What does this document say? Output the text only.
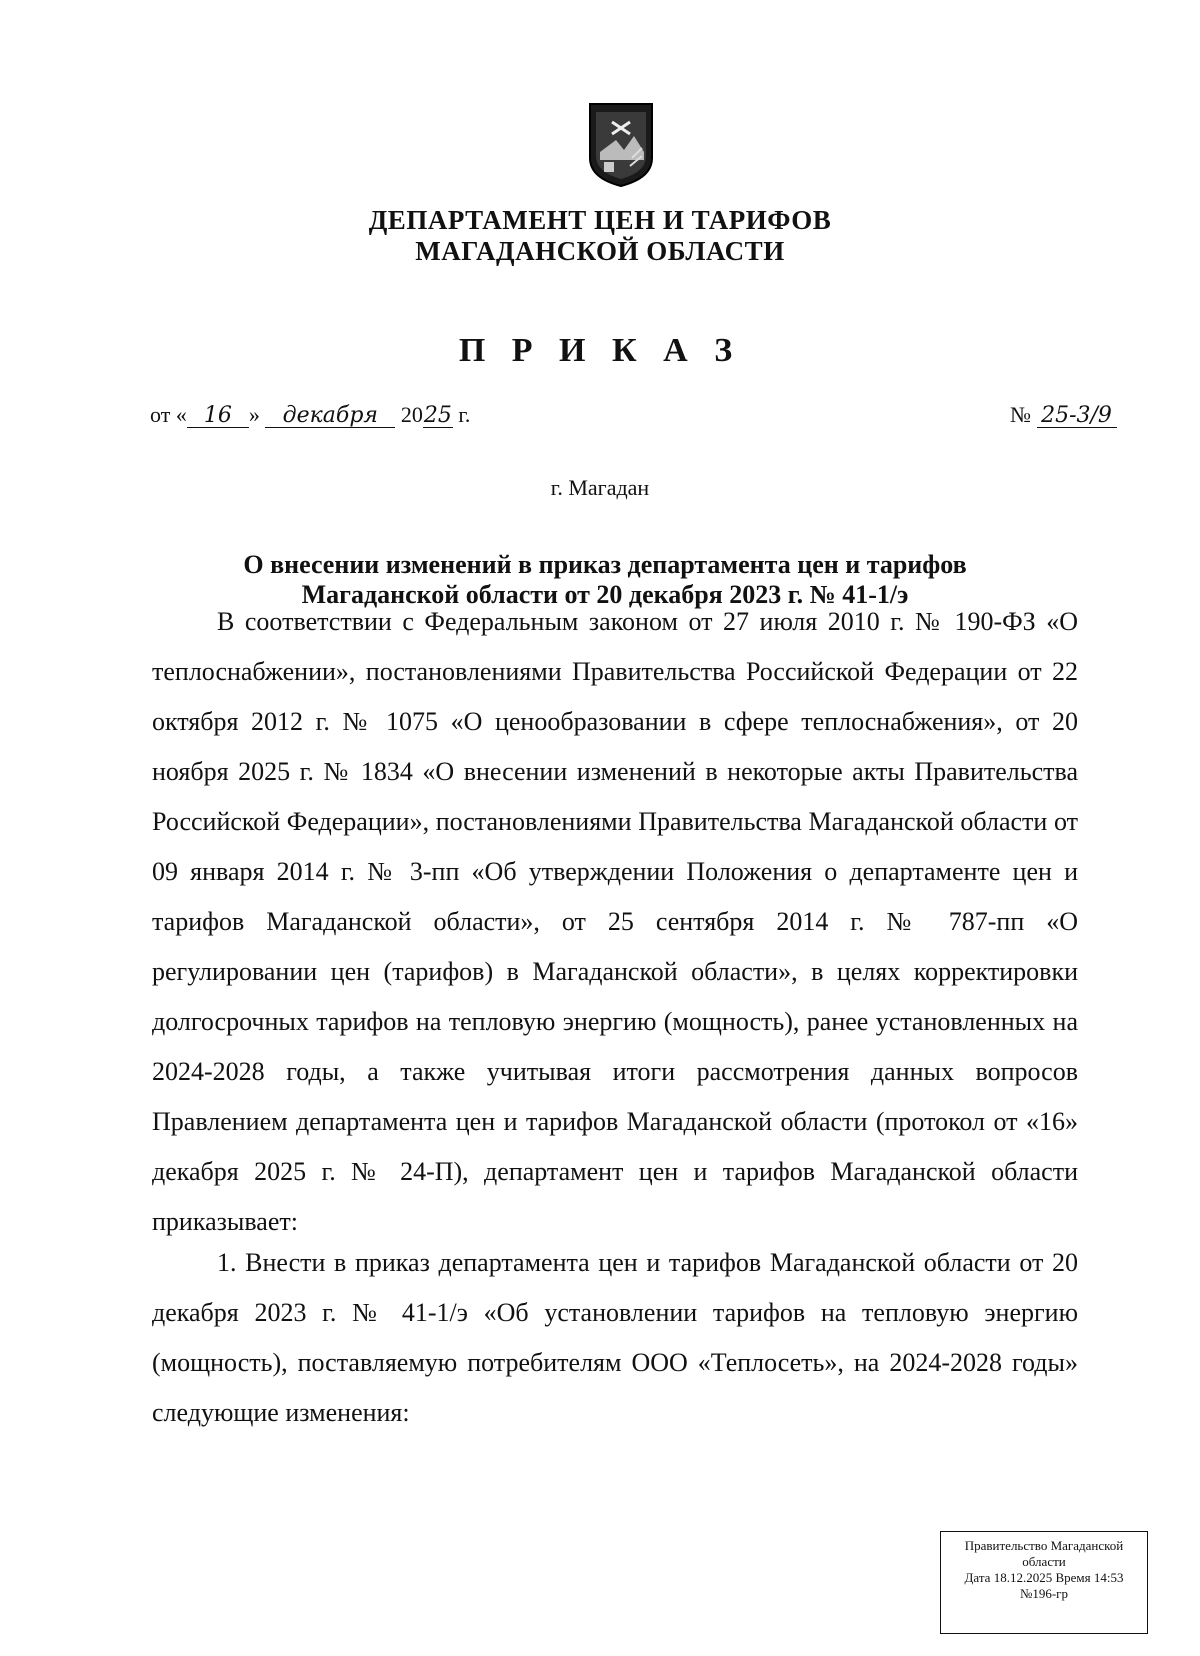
ДЕПАРТАМЕНТ ЦЕН И ТАРИФОВ
МАГАДАНСКОЙ ОБЛАСТИ
П Р И К А З
от « 16 » декабря 2025 г.	№ 25-3/9
г. Магадан
О внесении изменений в приказ департамента цен и тарифов
Магаданской области от 20 декабря 2023 г. № 41-1/э
В соответствии с Федеральным законом от 27 июля 2010 г. № 190-ФЗ «О теплоснабжении», постановлениями Правительства Российской Федерации от 22 октября 2012 г. № 1075 «О ценообразовании в сфере теплоснабжения», от 20 ноября 2025 г. № 1834 «О внесении изменений в некоторые акты Правительства Российской Федерации», постановлениями Правительства Магаданской области от 09 января 2014 г. № 3-пп «Об утверждении Положения о департаменте цен и тарифов Магаданской области», от 25 сентября 2014 г. № 787-пп «О регулировании цен (тарифов) в Магаданской области», в целях корректировки долгосрочных тарифов на тепловую энергию (мощность), ранее установленных на 2024-2028 годы, а также учитывая итоги рассмотрения данных вопросов Правлением департамента цен и тарифов Магаданской области (протокол от «16» декабря 2025 г. № 24-П), департамент цен и тарифов Магаданской области приказывает:
1. Внести в приказ департамента цен и тарифов Магаданской области от 20 декабря 2023 г. № 41-1/э «Об установлении тарифов на тепловую энергию (мощность), поставляемую потребителям ООО «Теплосеть», на 2024-2028 годы» следующие изменения:
Правительство Магаданской
области
Дата 18.12.2025 Время 14:53
№196-гр
